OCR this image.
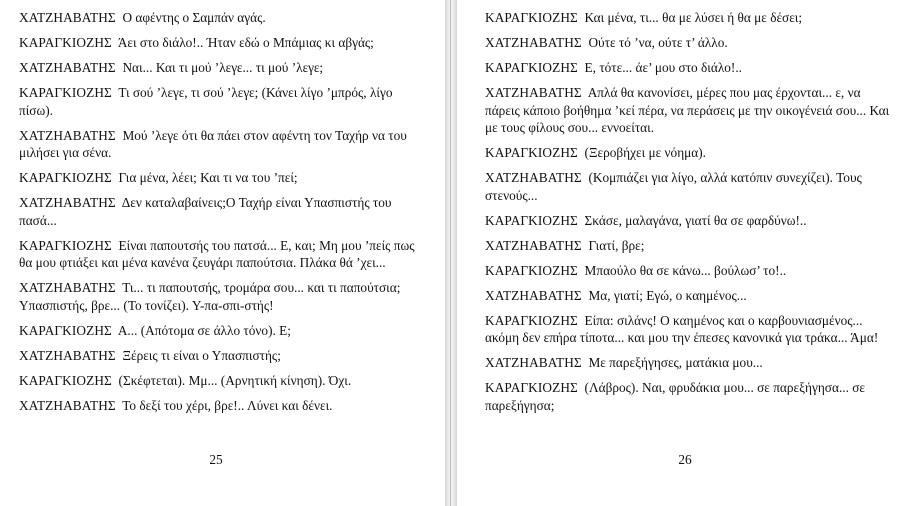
ΧΑΤΖΗΑΒΑΤΗΣ Ο αφέντης ο Σαμπάν αγάς.

ΚΑΡΑΓΚΙΟΖΗΣ Άει στο διάλο!.. Ήταν εδώ ο Μπάμιας κι αβγάς;

ΧΑΤΖΗΑΒΑΤΗΣ Ναι... Και τι μού ’λεγε... τι μού ’λεγε;

ΚΑΡΑΓΚΙΟΖΗΣ Τι σού ’λεγε, τι σού ’λεγε; (Κάνει λίγο ’μπρός, λίγο πίσω).

ΧΑΤΖΗΑΒΑΤΗΣ Μού ’λεγε ότι θα πάει στον αφέντη τον Ταχήρ να του μιλήσει για σένα.

ΚΑΡΑΓΚΙΟΖΗΣ Για μένα, λέει; Και τι να του ’πεί;

ΧΑΤΖΗΑΒΑΤΗΣ Δεν καταλαβαίνεις;Ο Ταχήρ είναι Υπασπιστής του πασά...

ΚΑΡΑΓΚΙΟΖΗΣ Είναι παπουτσής του πατσά... Ε, και; Μη μου ’πείς πως θα μου φτιάξει και μένα κανένα ζευγάρι παπούτσια. Πλάκα θά ’χει...

ΧΑΤΖΗΑΒΑΤΗΣ Τι... τι παπουτσής, τρομάρα σου... και τι παπούτσια; Υπασπιστής, βρε... (Το τονίζει). Υ-πα-σπι-στής!

ΚΑΡΑΓΚΙΟΖΗΣ Α... (Απότομα σε άλλο τόνο). Ε;

ΧΑΤΖΗΑΒΑΤΗΣ Ξέρεις τι είναι ο Υπασπιστής;

ΚΑΡΑΓΚΙΟΖΗΣ (Σκέφτεται). Μμ... (Αρνητική κίνηση). Όχι.

ΧΑΤΖΗΑΒΑΤΗΣ Το δεξί του χέρι, βρε!.. Λύνει και δένει.

25

ΚΑΡΑΓΚΙΟΖΗΣ Και μένα, τι... θα με λύσει ή θα με δέσει;

ΧΑΤΖΗΑΒΑΤΗΣ Ούτε τό ’να, ούτε τ’ άλλο.

ΚΑΡΑΓΚΙΟΖΗΣ Ε, τότε... άε’ μου στο διάλο!..

ΧΑΤΖΗΑΒΑΤΗΣ Απλά θα κανονίσει, μέρες που μας έρχονται... ε, να πάρεις κάποιο βοήθημα ’κεί πέρα, να περάσεις με την οικογένειά σου... Και με τους φίλους σου... εννοείται.

ΚΑΡΑΓΚΙΟΖΗΣ (Ξεροβήχει με νόημα).

ΧΑΤΖΗΑΒΑΤΗΣ (Κομπιάζει για λίγο, αλλά κατόπιν συνεχίζει). Τους στενούς...

ΚΑΡΑΓΚΙΟΖΗΣ Σκάσε, μαλαγάνα, γιατί θα σε φαρδύνω!..

ΧΑΤΖΗΑΒΑΤΗΣ Γιατί, βρε;

ΚΑΡΑΓΚΙΟΖΗΣ Μπαούλο θα σε κάνω... βούλωσ’ το!..

ΧΑΤΖΗΑΒΑΤΗΣ Μα, γιατί; Εγώ, ο καημένος...

ΚΑΡΑΓΚΙΟΖΗΣ Είπα: σιλάνς! Ο καημένος και ο καρβουνιασμένος... ακόμη δεν επήρα τίποτα... και μου την έπεσες κανονικά για τράκα... Άμα!

ΧΑΤΖΗΑΒΑΤΗΣ Με παρεξήγησες, ματάκια μου...

ΚΑΡΑΓΚΙΟΖΗΣ (Λάβρος). Ναι, φρυδάκια μου... σε παρεξήγησα... σε παρεξήγησα;

26
